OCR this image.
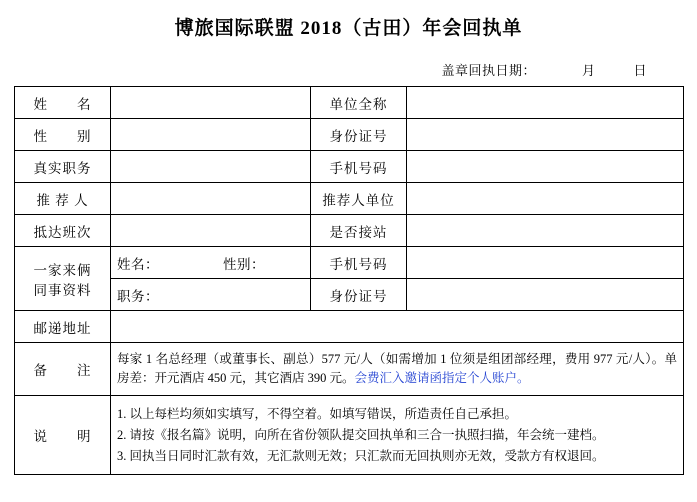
博旅国际联盟 2018（古田）年会回执单
盖章回执日期：	月	日
姓　　名		单位全称	
性　　别		身份证号	
真实职务		手机号码	
推 荐 人		推荐人单位	
抵达班次		是否接站	

一家来俩
同事资料	姓名： 性别：	手机号码	
	职务：	身份证号	
邮递地址			
备　　注	每家 1 名总经理（或董事长、副总）577 元/人（如需增加 1 位须是组团部经理，费用 977 元/人）。单房差：开元酒店 450 元，其它酒店 390 元。会费汇入邀请函指定个人账户。		
说　　明	1. 以上每栏均须如实填写，不得空着。如填写错误，所造责任自己承担。
2. 请按《报名篇》说明，向所在省份领队提交回执单和三合一执照扫描，年会统一建档。
3. 回执当日同时汇款有效，无汇款则无效；只汇款而无回执则亦无效，受款方有权退回。		
